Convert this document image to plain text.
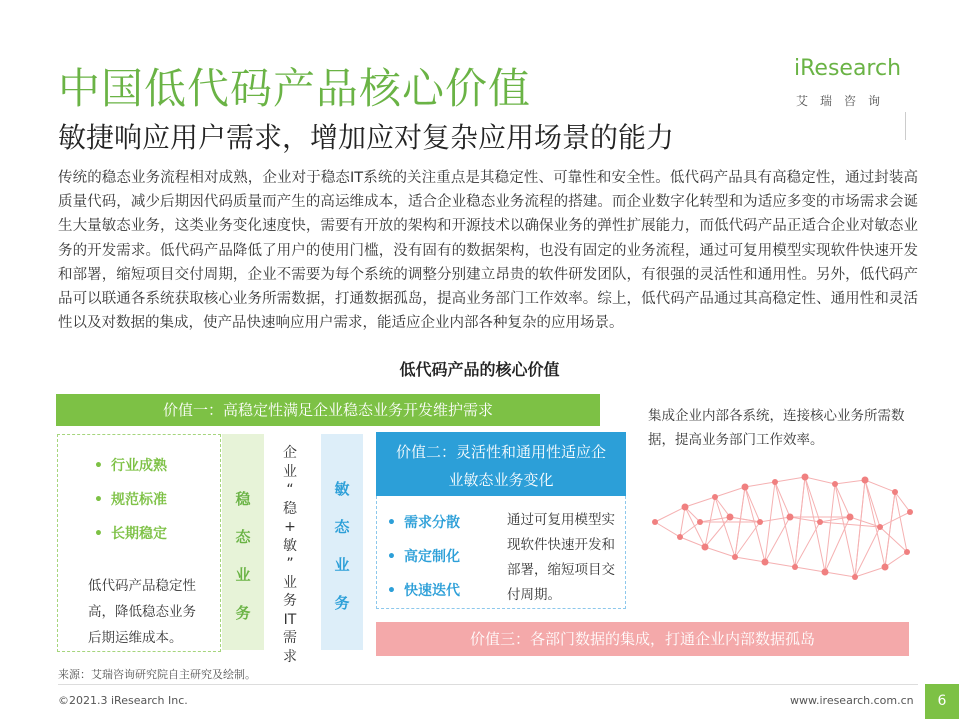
中国低代码产品核心价值
敏捷响应用户需求，增加应对复杂应用场景的能力
iResearch
艾瑞咨询
传统的稳态业务流程相对成熟，企业对于稳态IT系统的关注重点是其稳定性、可靠性和安全性。低代码产品具有高稳定性，通过封装高质量代码，减少后期因代码质量而产生的高运维成本，适合企业稳态业务流程的搭建。而企业数字化转型和为适应多变的市场需求会诞生大量敏态业务，这类业务变化速度快，需要有开放的架构和开源技术以确保业务的弹性扩展能力，而低代码产品正适合企业对敏态业务的开发需求。低代码产品降低了用户的使用门槛，没有固有的数据架构，也没有固定的业务流程，通过可复用模型实现软件快速开发和部署，缩短项目交付周期，企业不需要为每个系统的调整分别建立昂贵的软件研发团队，有很强的灵活性和通用性。另外，低代码产品可以联通各系统获取核心业务所需数据，打通数据孤岛，提高业务部门工作效率。综上，低代码产品通过其高稳定性、通用性和灵活性以及对数据的集成，使产品快速响应用户需求，能适应企业内部各种复杂的应用场景。
低代码产品的核心价值
价值一：高稳定性满足企业稳态业务开发维护需求
• 行业成熟
• 规范标准
• 长期稳定
低代码产品稳定性高，降低稳态业务后期运维成本。
稳
态
业
务
企
业
“
稳
+
敏
”
业
务
IT
需
求
敏
态
业
务
价值二：灵活性和通用性适应企
业敏态业务变化
• 需求分散
• 高定制化
• 快速迭代
通过可复用模型实现软件快速开发和部署，缩短项目交付周期。
价值三：各部门数据的集成，打通企业内部数据孤岛
集成企业内部各系统，连接核心业务所需数据，提高业务部门工作效率。
来源：艾瑞咨询研究院自主研究及绘制。
©2021.3 iResearch Inc.	www.iresearch.com.cn	6
